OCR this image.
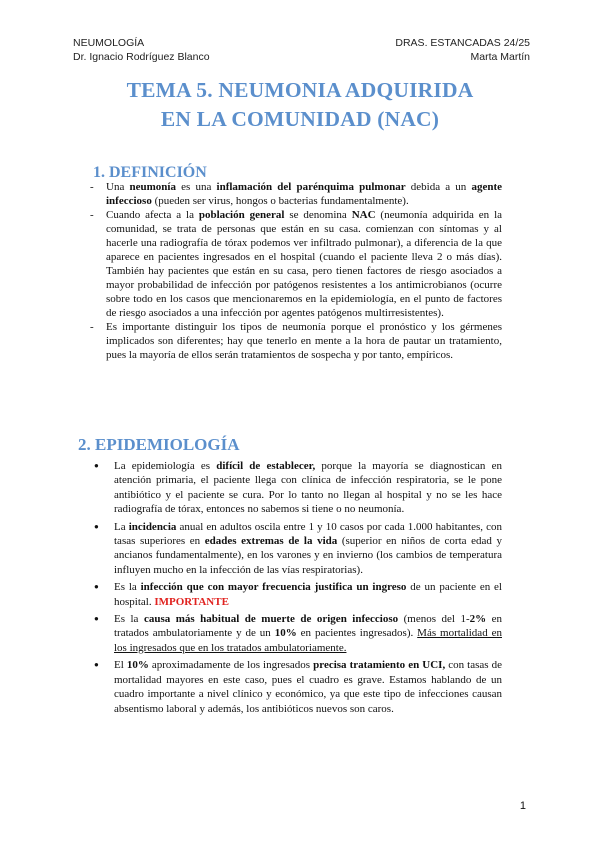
NEUMOLOGÍA
Dr. Ignacio Rodríguez Blanco
DRAS. ESTANCADAS 24/25
Marta Martín
TEMA 5. NEUMONIA ADQUIRIDA
EN LA COMUNIDAD (NAC)
1. DEFINICIÓN

- Una neumonía es una inflamación del parénquima pulmonar debida a un agente infeccioso (pueden ser virus, hongos o bacterias fundamentalmente).

- Cuando afecta a la población general se denomina NAC (neumonía adquirida en la comunidad, se trata de personas que están en su casa. comienzan con síntomas y al hacerle una radiografía de tórax podemos ver infiltrado pulmonar), a diferencia de la que aparece en pacientes ingresados en el hospital (cuando el paciente lleva 2 o más días). También hay pacientes que están en su casa, pero tienen factores de riesgo asociados a mayor probabilidad de infección por patógenos resistentes a los antimicrobianos (ocurre sobre todo en los casos que mencionaremos en la epidemiología, en el punto de factores de riesgo asociados a una infección por agentes patógenos multirresistentes).

- Es importante distinguir los tipos de neumonía porque el pronóstico y los gérmenes implicados son diferentes; hay que tenerlo en mente a la hora de pautar un tratamiento, pues la mayoría de ellos serán tratamientos de sospecha y por tanto, empíricos.

2. EPIDEMIOLOGÍA

● La epidemiología es difícil de establecer, porque la mayoría se diagnostican en atención primaria, el paciente llega con clínica de infección respiratoria, se le pone antibiótico y el paciente se cura. Por lo tanto no llegan al hospital y no se les hace radiografía de tórax, entonces no sabemos si tiene o no neumonía.

● La incidencia anual en adultos oscila entre 1 y 10 casos por cada 1.000 habitantes, con tasas superiores en edades extremas de la vida (superior en niños de corta edad y ancianos fundamentalmente), en los varones y en invierno (los cambios de temperatura influyen mucho en la infección de las vías respiratorias).

● Es la infección que con mayor frecuencia justifica un ingreso de un paciente en el hospital. IMPORTANTE

● Es la causa más habitual de muerte de origen infeccioso (menos del 1-2% en tratados ambulatoriamente y de un 10% en pacientes ingresados). Más mortalidad en los ingresados que en los tratados ambulatoriamente.

● El 10% aproximadamente de los ingresados precisa tratamiento en UCI, con tasas de mortalidad mayores en este caso, pues el cuadro es grave. Estamos hablando de un cuadro importante a nivel clínico y económico, ya que este tipo de infecciones causan absentismo laboral y además, los antibióticos nuevos son caros.

1
